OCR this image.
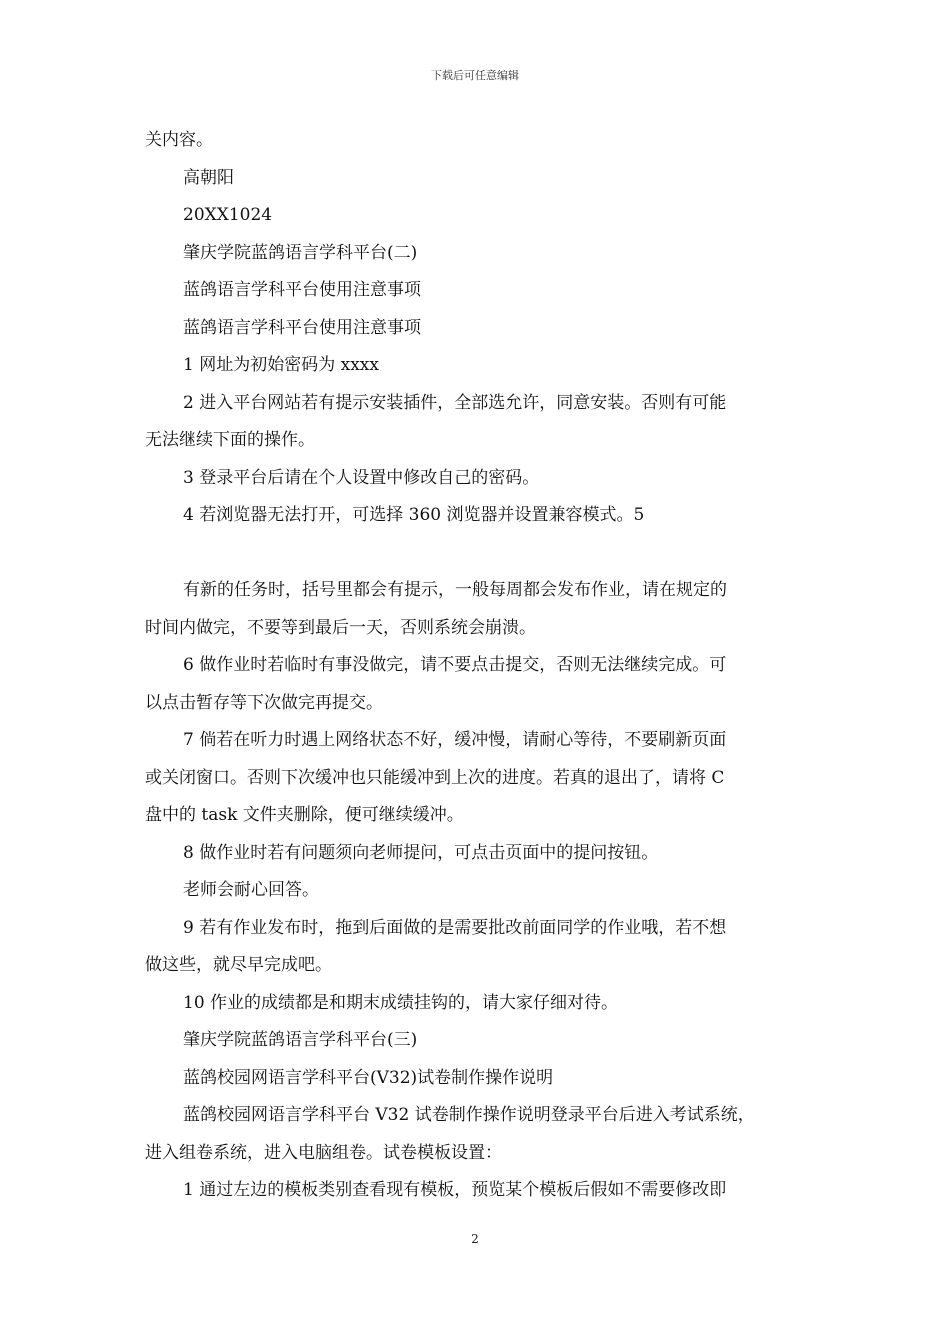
下载后可任意编辑
关内容。
高朝阳
20XX1024
肇庆学院蓝鸽语言学科平台(二)
蓝鸽语言学科平台使用注意事项
蓝鸽语言学科平台使用注意事项
1 网址为初始密码为 xxxx
2 进入平台网站若有提示安装插件，全部选允许，同意安装。否则有可能
无法继续下面的操作。
3 登录平台后请在个人设置中修改自己的密码。
4 若浏览器无法打开，可选择 360 浏览器并设置兼容模式。5
有新的任务时，括号里都会有提示，一般每周都会发布作业，请在规定的
时间内做完，不要等到最后一天，否则系统会崩溃。
6 做作业时若临时有事没做完，请不要点击提交，否则无法继续完成。可
以点击暂存等下次做完再提交。
7 倘若在听力时遇上网络状态不好，缓冲慢，请耐心等待，不要刷新页面
或关闭窗口。否则下次缓冲也只能缓冲到上次的进度。若真的退出了，请将 C
盘中的 task 文件夹删除，便可继续缓冲。
8 做作业时若有问题须向老师提问，可点击页面中的提问按钮。
老师会耐心回答。
9 若有作业发布时，拖到后面做的是需要批改前面同学的作业哦，若不想
做这些，就尽早完成吧。
10 作业的成绩都是和期末成绩挂钩的，请大家仔细对待。
肇庆学院蓝鸽语言学科平台(三)
蓝鸽校园网语言学科平台(V32)试卷制作操作说明
蓝鸽校园网语言学科平台 V32 试卷制作操作说明登录平台后进入考试系统，
进入组卷系统，进入电脑组卷。试卷模板设置：
1 通过左边的模板类别查看现有模板，预览某个模板后假如不需要修改即
2
